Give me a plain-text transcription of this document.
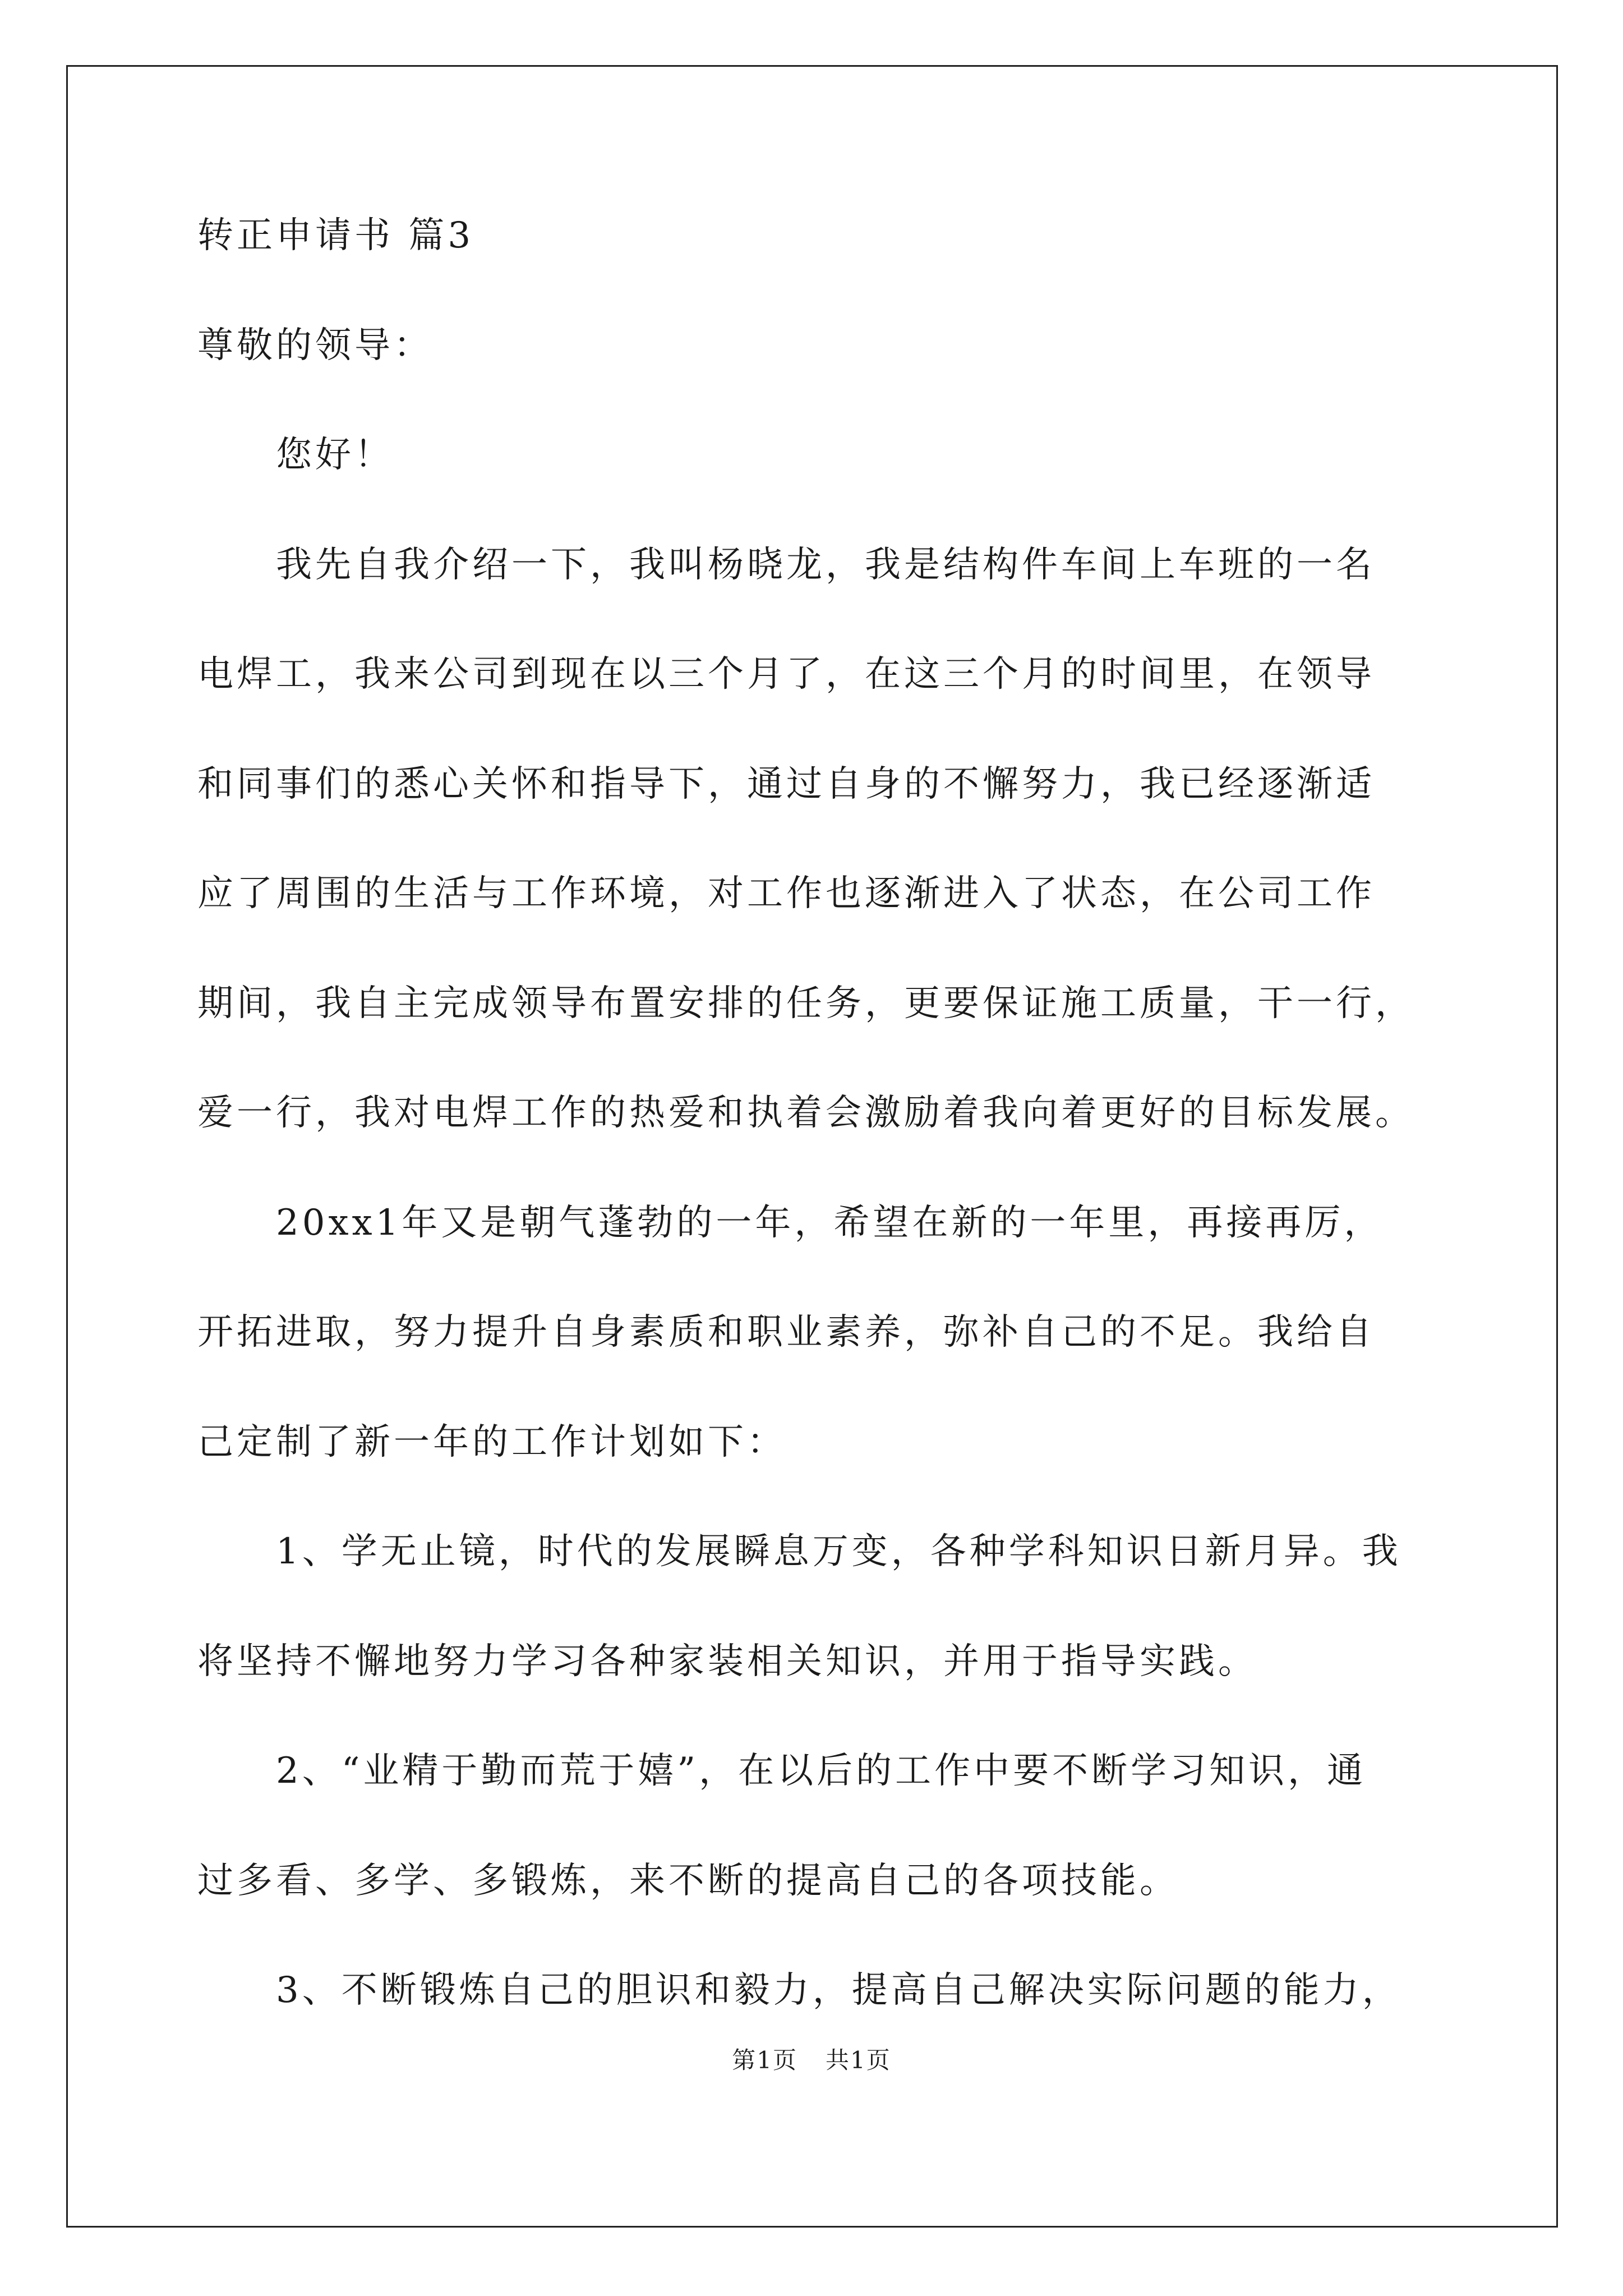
转正申请书 篇3
尊敬的领导：
您好！
我先自我介绍一下，我叫杨晓龙，我是结构件车间上车班的一名
电焊工，我来公司到现在以三个月了，在这三个月的时间里，在领导
和同事们的悉心关怀和指导下，通过自身的不懈努力，我已经逐渐适
应了周围的生活与工作环境，对工作也逐渐进入了状态，在公司工作
期间，我自主完成领导布置安排的任务，更要保证施工质量，干一行，
爱一行，我对电焊工作的热爱和执着会激励着我向着更好的目标发展。
20xx1年又是朝气蓬勃的一年，希望在新的一年里，再接再厉，
开拓进取，努力提升自身素质和职业素养，弥补自己的不足。我给自
己定制了新一年的工作计划如下：
1、学无止镜，时代的发展瞬息万变，各种学科知识日新月异。我
将坚持不懈地努力学习各种家装相关知识，并用于指导实践。
2、“业精于勤而荒于嬉”，在以后的工作中要不断学习知识，通
过多看、多学、多锻炼，来不断的提高自己的各项技能。
3、不断锻炼自己的胆识和毅力，提高自己解决实际问题的能力，
第1页 共1页
